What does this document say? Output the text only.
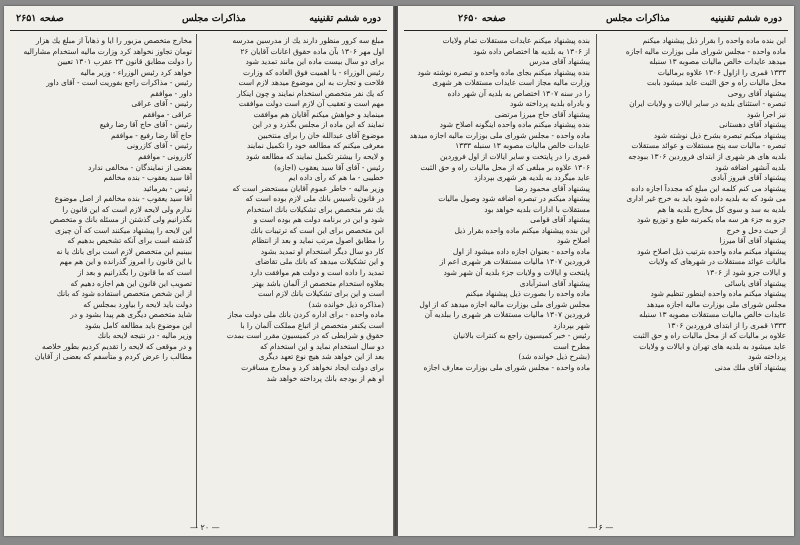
صفحه ۲۶۵۱	مذاكرات مجلس	دوره ششم تقنينيه
مبلغ سه كرور منظور دارند يك از مدرسين مدرسه
اول مهر ۱۳۰۶ بآن ماده حقوق اعانات آقايان ۲۶
برای دو سال بيست ماده اين مانند تمديد شود
رئيس الوزراء - با اهميت فوق العاده كه وزارت
فلاحت و تجارت به اين موضوع ميدهد لازم است
كه يك نفر متخصص استخدام نمايند و چون اينكار
مهم است و تعقيب آن لازم است دولت موافقت
مينمايد و خواهش ميكنم آقايان هم موافقت
نمايند كه اين ماده از مجلس بگذرد و در اين
موضوع آقای عبدالله خان را براى منتخبين
معرفى ميكنم كه مطالعه خود را تكميل نمايند
و لايحه را بيشتر تكميل نمايند كه مطالعه شود
رئيس - آقای آقا سيد يعقوب (اجازه)
خطيبى - ما هم كه رأى داده ايم
وزير ماليه - خاطر عموم آقايان مستحضر است كه
در قانون تأسيس بانك ملى لازم بوده است كه
يك نفر متخصص براى تشكيلات بانك استخدام
شود و اين در برنامه دولت هم بوده است و
اين متخصص براى اين است كه ترتيبات بانك
را مطابق اصول مرتب نمايد و بعد از انتظام
كار دو سال ديگر استخدام او تمديد بشود
و اين تشكيلات ميدهد كه بانك ملى تقاضای
تمديد را داده است و دولت هم موافقت دارد
بعلاوه استخدام متخصص از آلمان باشد بهتر
است و اين براى تشكيلات بانك لازم است
(مذاكره ذيل خوانده شد)
ماده واحده - براى اداره كردن بانك ملى دولت مجاز
است يكنفر متخصص از اتباع مملكت آلمان را با
حقوق و شرايطى كه در كميسيون مقرر است بمدت
دو سال استخدام نمايد و اين استخدام كه
بعد از اين خواهد شد هيچ نوع تعهد ديگرى
براى دولت ايجاد نخواهد كرد و مخارج مسافرت
او هم از بودجه بانك پرداخته خواهد شد
مخارج متخصص مزبور را ايا و ذهاباً از مبلغ يك هزار
تومان تجاوز نخواهد كرد وزارت ماليه استخدام مشاراليه
را دولت مطابق قانون ۲۳ عقرب ۱۳۰۱ تعيين
خواهد كرد رئيس الوزراء - وزير ماليه
رئيس - مذاكرات راجع بفوريت است - آقای داور
داور - موافقم
رئيس - آقای عراقى
عراقى - موافقم
رئيس - آقای حاج آقا رضا رفيع
حاج آقا رضا رفيع - موافقم
رئيس - آقای كازرونى
كازرونى - موافقم
بعضى از نمايندگان - مخالفى ندارد
آقا سيد يعقوب - بنده مخالفم
رئيس - بفرمائيد
آقا سيد يعقوب - بنده مخالفم از اصل موضوع
ندارم ولى لايحه لازم است كه اين قانون را
بگذرانيم ولى گذشتن از مسئله بانك و متخصص
اين لايحه را پيشنهاد ميكنند است كه آن چيزى
گذشته است براى آنكه تشخيص بدهيم كه
ببينيم اين متخصص لازم است براى بانك يا نه
با اين قانون را امروز گذرانده و اين هم مهم
است كه ما قانون را بگذرانيم و بعد از
تصويب اين قانون اين هم اجازه دهيم كه
از اين شخص متخصص استفاده شود كه بانك
دولت بايد لايحه را بياورد بمجلس كه
شايد متخصص ديگرى هم پيدا بشود و در
اين موضوع بايد مطالعه كامل بشود
وزير ماليه - در نتيجه لايحه بانك
و در موقعى كه لايحه را تقديم كرديم بطور خلاصه
مطالب را عرض كردم و متأسفم كه بعضى از آقايان
— ۲۰ —
صفحه ۲۶۵۰	مذاكرات مجلس	دوره ششم تقنينيه
اين بنده ماده واحده را بقرار ذيل پيشنهاد ميكنم
ماده واحده - مجلس شوراى ملى بوزارت ماليه اجازه
ميدهد عايدات خالص ماليات مصوبه ۱۳ سنبله
۱۳۳۳ قمرى را ازاول ۱۳۰۶ علاوه برماليات
محل ماليات راه و حق الثبت عايد ميشود بابت
پيشنهاد آقای روحى
تبصره - استثناى بلديه در ساير ايالات و ولايات ايران
نيز اجرا شود
پيشنهاد آقای دهستانى
پيشنهاد ميكنم تبصره بشرح ذيل نوشته شود
تبصره - ماليات سه پنج مستقلات و عوائد مستقلات
بلديه هاى هر شهرى از ابتداى فروردين ۱۳۰۶ ببودجه
بلديه آنشهر اضافه شود
پيشنهاد آقای فيروز آبادى
پيشنهاد مى كنم كلمه اين مبلغ كه مجدداً اجازه داده
مى شود كه به بلديه داده شود بايد به خرج غير ادارى
بلديه به سد و سوى كل مخارج بلديه ها هم
جزو به جزء هر سه ماه يكمرتبه طبع و توزيع شود
از حيث دخل و خرج
پيشنهاد آقای آقا ميرزا
پيشنهاد ميكنم ماده واحده بترتيب ذيل اصلاح شود
ماليات عوائد مستقلات در شهرهاى كه ولايات
و ايالات جزو شود از ۱۳۰۶
پيشنهاد آقای ياسائى
پيشنهاد ميكنم ماده واحده اينطور تنظيم شود
مجلس شوراى ملى بوزارت ماليه اجازه ميدهد
عايدات خالص ماليات مستقلات مصوبه ۱۳ سنبله
۱۳۳۳ قمرى را از ابتداى فروردين ۱۳۰۶
علاوه بر ماليات كه از محل ماليات راه و حق الثبت
عايد ميشود به بلديه هاى تهران و ايالات و ولايات
پرداخته شود
پيشنهاد آقای ملك مدنى
بنده پيشنهاد ميكنم عايدات مستقلات تمام ولايات
از ۱۳۰۶ به بلديه ها اختصاص داده شود
پيشنهاد آقای مدرس
بنده پيشنهاد ميكنم بجاى ماده واحده و تبصره نوشته شود
وزارت ماليه مجاز است عايدات مستقلات هر شهرى
را در سنه ۱۳۰۷ اختصاص به بلديه آن شهر داده
و بادراه بلديه پرداخته شود
پيشنهاد آقای حاج ميرزا مرتضى
بنده پيشنهاد ميكنم ماده واحده اينگونه اصلاح شود
ماده واحده - مجلس شوراى ملى بوزارت ماليه اجازه ميدهد
عايدات خالص ماليات مصوبه ۱۳ سنبله ۱۳۳۳
قمرى را در پايتخت و ساير ايالات از اول فروردين
۱۳۰۶ علاوه بر مبلغى كه از محل ماليات راه و حق الثبت
عايد ميگردد به بلديه هر شهرى بپردازد
پيشنهاد آقای محمود رضا
پيشنهاد ميكنم در تبصره اضافه شود وصول ماليات
مستقلات با ادارات بلديه خواهد بود
پيشنهاد آقای قوامى
اين بنده پيشنهاد ميكنم ماده واحده بقرار ذيل
اصلاح شود
ماده واحده - بعنوان اجازه داده ميشود از اول
فروردين ۱۳۰۷ ماليات مستقلات هر شهرى اعم از
پايتخت و ايالات و ولايات جزء بلديه آن شهر شود
پيشنهاد آقای استرآبادى
ماده واحده را بصورت ذيل پيشنهاد ميكنم
مجلس شوراى ملى بوزارت ماليه اجازه ميدهد كه از اول
فروردين ۱۳۰۷ ماليات مستقلات هر شهرى را ببلديه آن
شهر بپردازد
رئيس - خبر كميسيون راجع به كنترات بالانيان
مطرح است
(بشرح ذيل خوانده شد)
ماده واحده - مجلس شوراى ملى بوزارت معارف اجازه
— ۶ —
